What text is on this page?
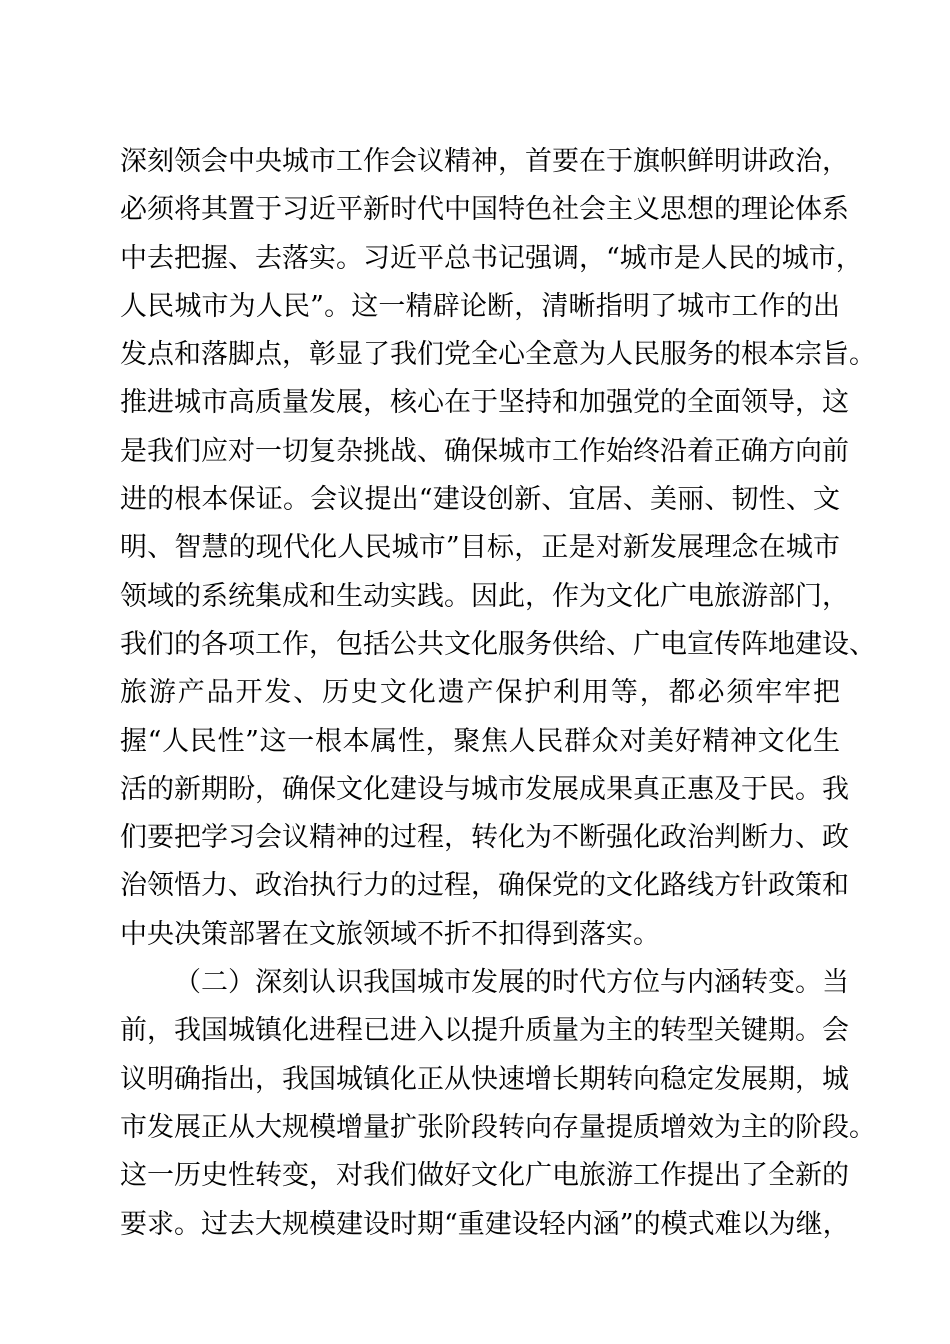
深刻领会中央城市工作会议精神，首要在于旗帜鲜明讲政治，
必须将其置于习近平新时代中国特色社会主义思想的理论体系
中去把握、去落实。习近平总书记强调，“城市是人民的城市，
人民城市为人民”。这一精辟论断，清晰指明了城市工作的出
发点和落脚点，彰显了我们党全心全意为人民服务的根本宗旨。
推进城市高质量发展，核心在于坚持和加强党的全面领导，这
是我们应对一切复杂挑战、确保城市工作始终沿着正确方向前
进的根本保证。会议提出“建设创新、宜居、美丽、韧性、文
明、智慧的现代化人民城市”目标，正是对新发展理念在城市
领域的系统集成和生动实践。因此，作为文化广电旅游部门，
我们的各项工作，包括公共文化服务供给、广电宣传阵地建设、
旅游产品开发、历史文化遗产保护利用等，都必须牢牢把
握“人民性”这一根本属性，聚焦人民群众对美好精神文化生
活的新期盼，确保文化建设与城市发展成果真正惠及于民。我
们要把学习会议精神的过程，转化为不断强化政治判断力、政
治领悟力、政治执行力的过程，确保党的文化路线方针政策和
中央决策部署在文旅领域不折不扣得到落实。
（二）深刻认识我国城市发展的时代方位与内涵转变。当
前，我国城镇化进程已进入以提升质量为主的转型关键期。会
议明确指出，我国城镇化正从快速增长期转向稳定发展期，城
市发展正从大规模增量扩张阶段转向存量提质增效为主的阶段。
这一历史性转变，对我们做好文化广电旅游工作提出了全新的
要求。过去大规模建设时期“重建设轻内涵”的模式难以为继，
